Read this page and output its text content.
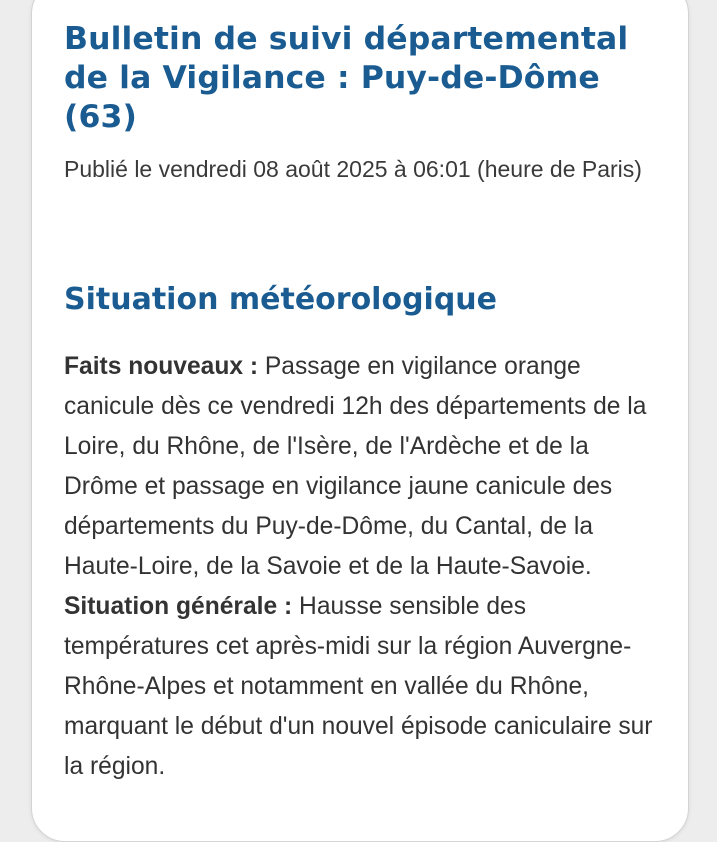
Bulletin de suivi départemental de la Vigilance : Puy-de-Dôme (63)

Publié le vendredi 08 août 2025 à 06:01 (heure de Paris)

Situation météorologique

Faits nouveaux : Passage en vigilance orange canicule dès ce vendredi 12h des départements de la Loire, du Rhône, de l'Isère, de l'Ardèche et de la Drôme et passage en vigilance jaune canicule des départements du Puy-de-Dôme, du Cantal, de la Haute-Loire, de la Savoie et de la Haute-Savoie.
Situation générale : Hausse sensible des températures cet après-midi sur la région Auvergne-Rhône-Alpes et notamment en vallée du Rhône, marquant le début d'un nouvel épisode caniculaire sur la région.
